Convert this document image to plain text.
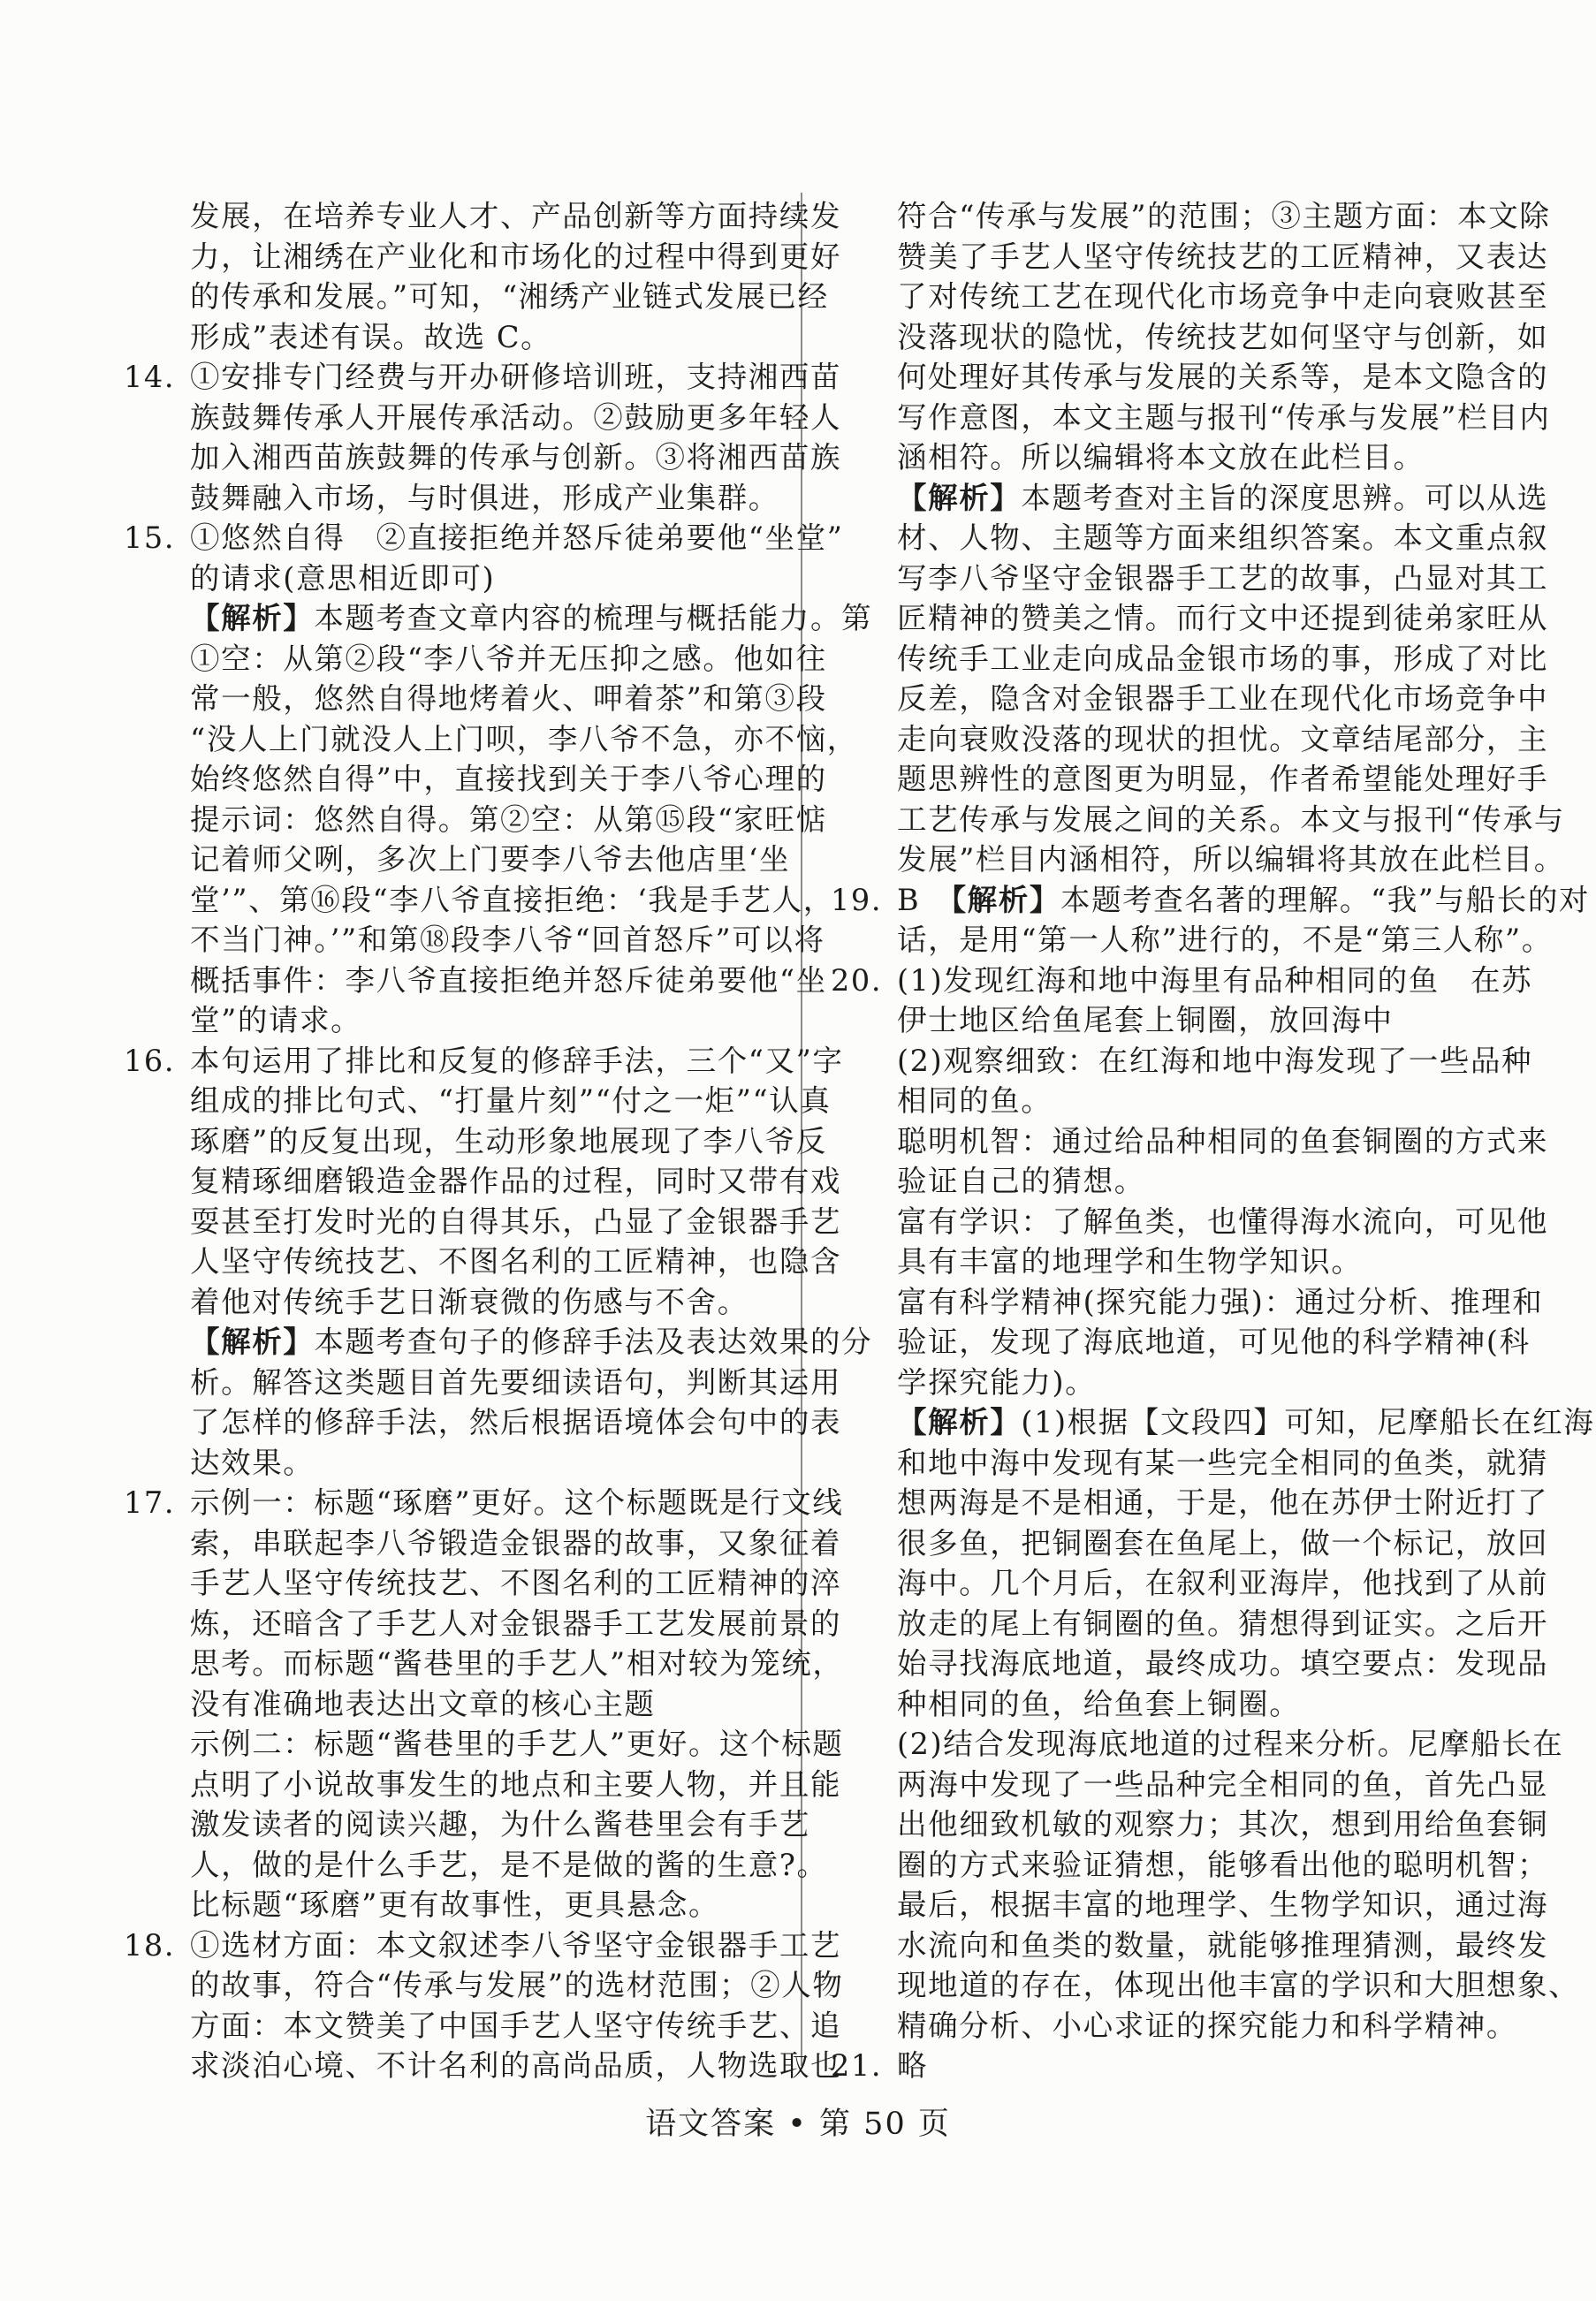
发展，在培养专业人才、产品创新等方面持续发
力，让湘绣在产业化和市场化的过程中得到更好
的传承和发展。”可知，“湘绣产业链式发展已经
形成”表述有误。故选 C。
14. ①安排专门经费与开办研修培训班，支持湘西苗
族鼓舞传承人开展传承活动。②鼓励更多年轻人
加入湘西苗族鼓舞的传承与创新。③将湘西苗族
鼓舞融入市场，与时俱进，形成产业集群。
15. ①悠然自得　②直接拒绝并怒斥徒弟要他“坐堂”
的请求(意思相近即可)
【解析】本题考查文章内容的梳理与概括能力。第
①空：从第②段“李八爷并无压抑之感。他如往
常一般，悠然自得地烤着火、呷着茶”和第③段
“没人上门就没人上门呗，李八爷不急，亦不恼，
始终悠然自得”中，直接找到关于李八爷心理的
提示词：悠然自得。第②空：从第⑮段“家旺惦
记着师父咧，多次上门要李八爷去他店里‘坐
堂’”、第⑯段“李八爷直接拒绝：‘我是手艺人，
不当门神。’”和第⑱段李八爷“回首怒斥”可以将
概括事件：李八爷直接拒绝并怒斥徒弟要他“坐
堂”的请求。
16. 本句运用了排比和反复的修辞手法，三个“又”字
组成的排比句式、“打量片刻”“付之一炬”“认真
琢磨”的反复出现，生动形象地展现了李八爷反
复精琢细磨锻造金器作品的过程，同时又带有戏
耍甚至打发时光的自得其乐，凸显了金银器手艺
人坚守传统技艺、不图名利的工匠精神，也隐含
着他对传统手艺日渐衰微的伤感与不舍。
【解析】本题考查句子的修辞手法及表达效果的分
析。解答这类题目首先要细读语句，判断其运用
了怎样的修辞手法，然后根据语境体会句中的表
达效果。
17. 示例一：标题“琢磨”更好。这个标题既是行文线
索，串联起李八爷锻造金银器的故事，又象征着
手艺人坚守传统技艺、不图名利的工匠精神的淬
炼，还暗含了手艺人对金银器手工艺发展前景的
思考。而标题“酱巷里的手艺人”相对较为笼统，
没有准确地表达出文章的核心主题
示例二：标题“酱巷里的手艺人”更好。这个标题
点明了小说故事发生的地点和主要人物，并且能
激发读者的阅读兴趣，为什么酱巷里会有手艺
人，做的是什么手艺，是不是做的酱的生意?。
比标题“琢磨”更有故事性，更具悬念。
18. ①选材方面：本文叙述李八爷坚守金银器手工艺
的故事，符合“传承与发展”的选材范围；②人物
方面：本文赞美了中国手艺人坚守传统手艺、追
求淡泊心境、不计名利的高尚品质，人物选取也
符合“传承与发展”的范围；③主题方面：本文除
赞美了手艺人坚守传统技艺的工匠精神，又表达
了对传统工艺在现代化市场竞争中走向衰败甚至
没落现状的隐忧，传统技艺如何坚守与创新，如
何处理好其传承与发展的关系等，是本文隐含的
写作意图，本文主题与报刊“传承与发展”栏目内
涵相符。所以编辑将本文放在此栏目。
【解析】本题考查对主旨的深度思辨。可以从选
材、人物、主题等方面来组织答案。本文重点叙
写李八爷坚守金银器手工艺的故事，凸显对其工
匠精神的赞美之情。而行文中还提到徒弟家旺从
传统手工业走向成品金银市场的事，形成了对比
反差，隐含对金银器手工业在现代化市场竞争中
走向衰败没落的现状的担忧。文章结尾部分，主
题思辨性的意图更为明显，作者希望能处理好手
工艺传承与发展之间的关系。本文与报刊“传承与
发展”栏目内涵相符，所以编辑将其放在此栏目。
19. B　【解析】本题考查名著的理解。“我”与船长的对
话，是用“第一人称”进行的，不是“第三人称”。
20. (1)发现红海和地中海里有品种相同的鱼　在苏
伊士地区给鱼尾套上铜圈，放回海中
(2)观察细致：在红海和地中海发现了一些品种
相同的鱼。
聪明机智：通过给品种相同的鱼套铜圈的方式来
验证自己的猜想。
富有学识：了解鱼类，也懂得海水流向，可见他
具有丰富的地理学和生物学知识。
富有科学精神(探究能力强)：通过分析、推理和
验证，发现了海底地道，可见他的科学精神(科
学探究能力)。
【解析】(1)根据【文段四】可知，尼摩船长在红海
和地中海中发现有某一些完全相同的鱼类，就猜
想两海是不是相通，于是，他在苏伊士附近打了
很多鱼，把铜圈套在鱼尾上，做一个标记，放回
海中。几个月后，在叙利亚海岸，他找到了从前
放走的尾上有铜圈的鱼。猜想得到证实。之后开
始寻找海底地道，最终成功。填空要点：发现品
种相同的鱼，给鱼套上铜圈。
(2)结合发现海底地道的过程来分析。尼摩船长在
两海中发现了一些品种完全相同的鱼，首先凸显
出他细致机敏的观察力；其次，想到用给鱼套铜
圈的方式来验证猜想，能够看出他的聪明机智；
最后，根据丰富的地理学、生物学知识，通过海
水流向和鱼类的数量，就能够推理猜测，最终发
现地道的存在，体现出他丰富的学识和大胆想象、
精确分析、小心求证的探究能力和科学精神。
21. 略
语文答案 • 第 50 页
